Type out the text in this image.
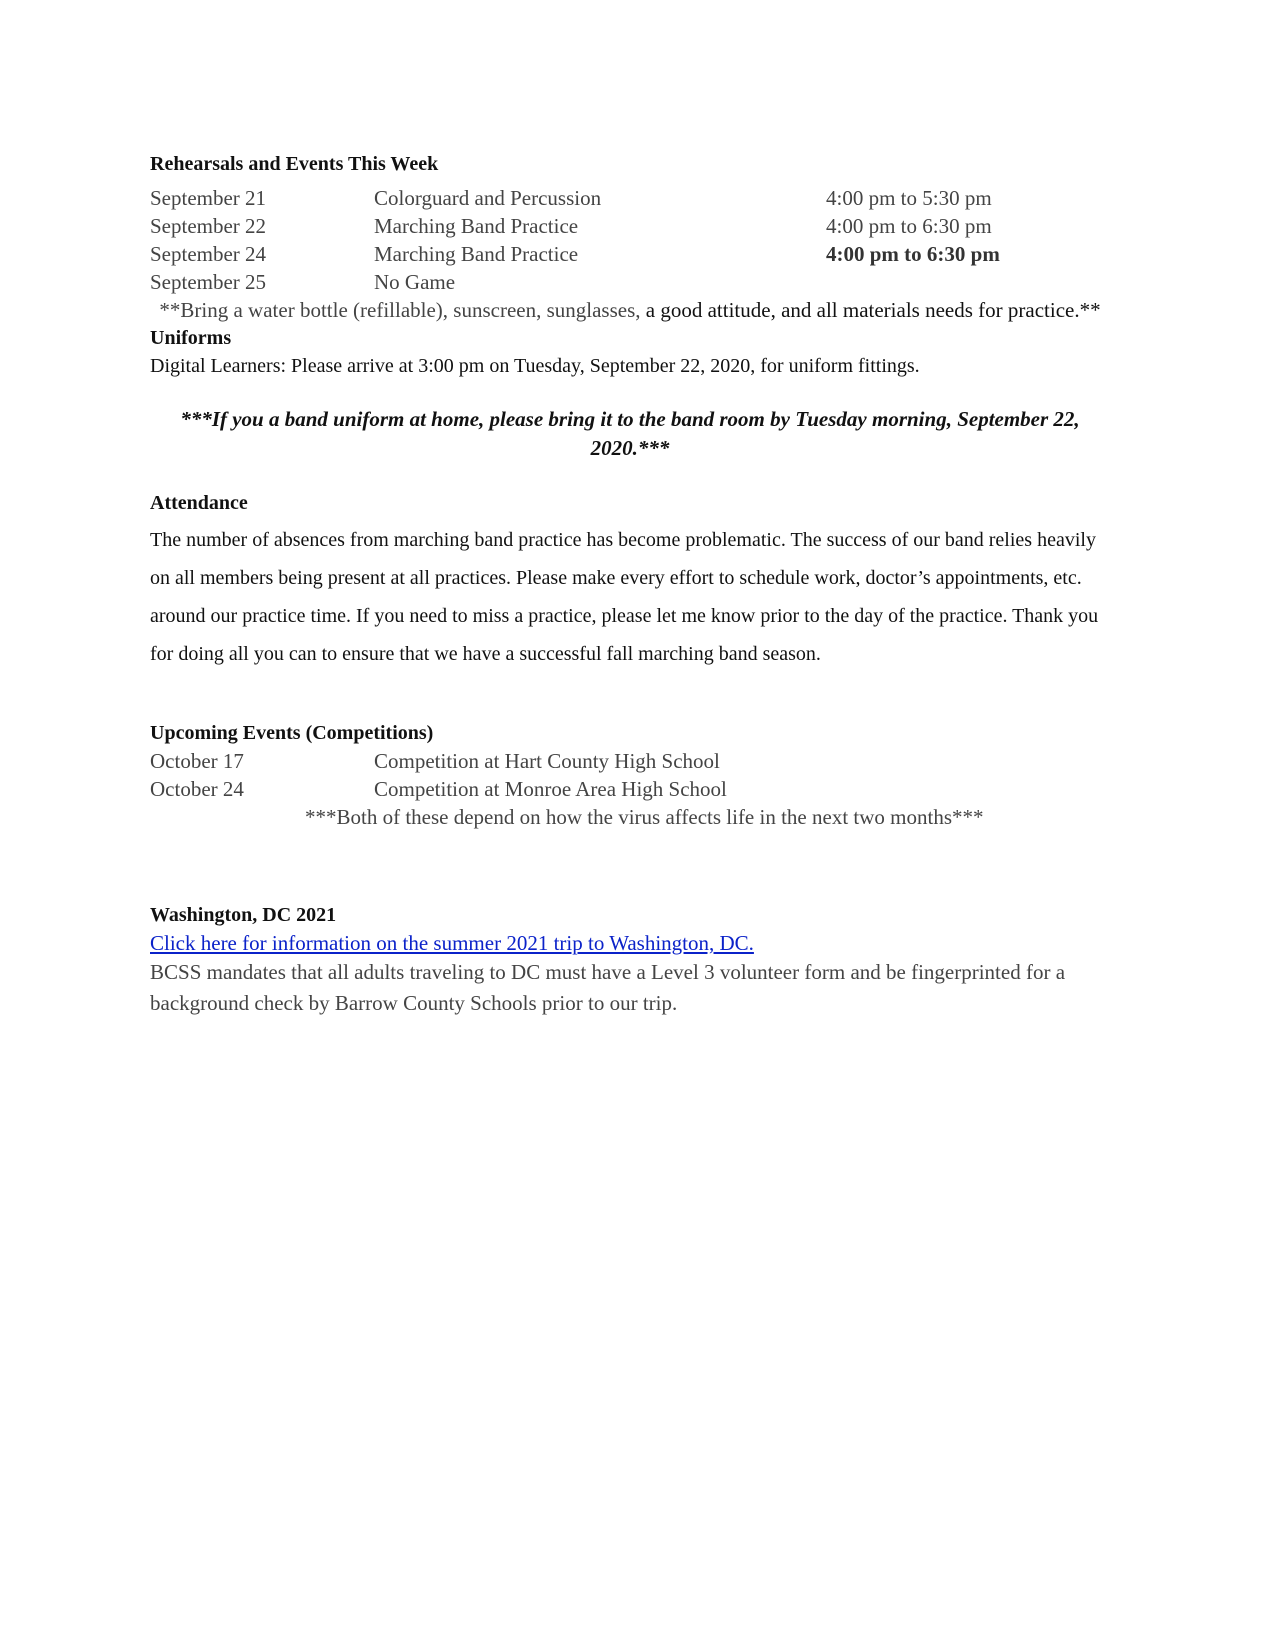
Rehearsals and Events This Week
September 21	Colorguard and Percussion	4:00 pm to 5:30 pm
September 22	Marching Band Practice	4:00 pm to 6:30 pm
September 24	Marching Band Practice	4:00 pm to 6:30 pm
September 25	No Game
**Bring a water bottle (refillable), sunscreen, sunglasses, a good attitude, and all materials needs for practice.**
Uniforms
Digital Learners: Please arrive at 3:00 pm on Tuesday, September 22, 2020, for uniform fittings.
***If you a band uniform at home, please bring it to the band room by Tuesday morning, September 22, 2020.***
Attendance
The number of absences from marching band practice has become problematic. The success of our band relies heavily on all members being present at all practices. Please make every effort to schedule work, doctor’s appointments, etc. around our practice time. If you need to miss a practice, please let me know prior to the day of the practice. Thank you for doing all you can to ensure that we have a successful fall marching band season.
Upcoming Events (Competitions)
October 17	Competition at Hart County High School
October 24	Competition at Monroe Area High School
***Both of these depend on how the virus affects life in the next two months***
Washington, DC 2021
Click here for information on the summer 2021 trip to Washington, DC.
BCSS mandates that all adults traveling to DC must have a Level 3 volunteer form and be fingerprinted for a background check by Barrow County Schools prior to our trip.
